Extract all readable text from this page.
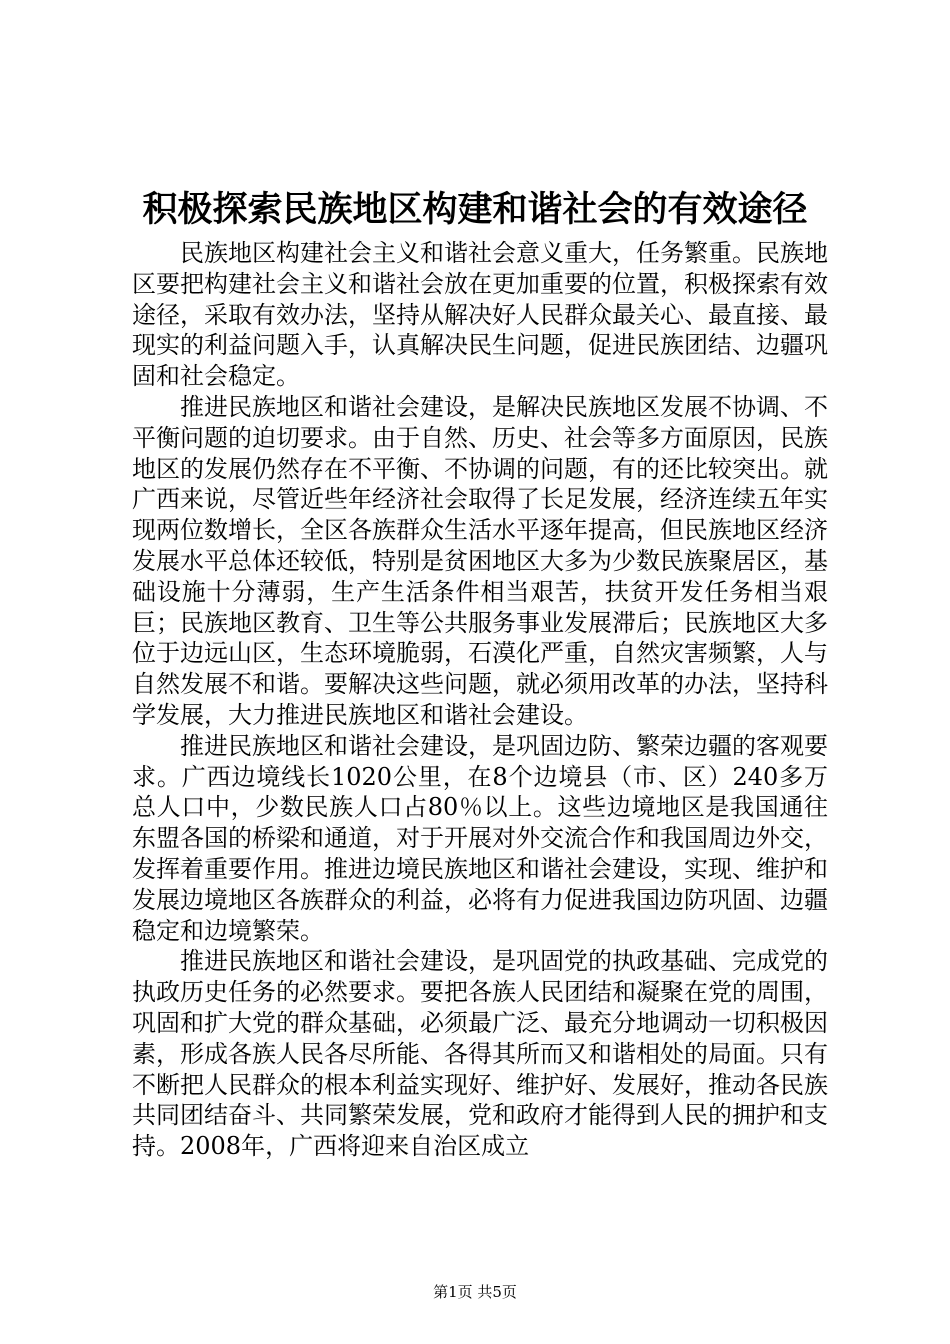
积极探索民族地区构建和谐社会的有效途径

民族地区构建社会主义和谐社会意义重大，任务繁重。民族地区要把构建社会主义和谐社会放在更加重要的位置，积极探索有效途径，采取有效办法，坚持从解决好人民群众最关心、最直接、最现实的利益问题入手，认真解决民生问题，促进民族团结、边疆巩固和社会稳定。

推进民族地区和谐社会建设，是解决民族地区发展不协调、不平衡问题的迫切要求。由于自然、历史、社会等多方面原因，民族地区的发展仍然存在不平衡、不协调的问题，有的还比较突出。就广西来说，尽管近些年经济社会取得了长足发展，经济连续五年实现两位数增长，全区各族群众生活水平逐年提高，但民族地区经济发展水平总体还较低，特别是贫困地区大多为少数民族聚居区，基础设施十分薄弱，生产生活条件相当艰苦，扶贫开发任务相当艰巨；民族地区教育、卫生等公共服务事业发展滞后；民族地区大多位于边远山区，生态环境脆弱，石漠化严重，自然灾害频繁，人与自然发展不和谐。要解决这些问题，就必须用改革的办法，坚持科学发展，大力推进民族地区和谐社会建设。

推进民族地区和谐社会建设，是巩固边防、繁荣边疆的客观要求。广西边境线长1020公里，在8个边境县（市、区）240多万总人口中，少数民族人口占80％以上。这些边境地区是我国通往东盟各国的桥梁和通道，对于开展对外交流合作和我国周边外交，发挥着重要作用。推进边境民族地区和谐社会建设，实现、维护和发展边境地区各族群众的利益，必将有力促进我国边防巩固、边疆稳定和边境繁荣。

推进民族地区和谐社会建设，是巩固党的执政基础、完成党的执政历史任务的必然要求。要把各族人民团结和凝聚在党的周围，巩固和扩大党的群众基础，必须最广泛、最充分地调动一切积极因素，形成各族人民各尽所能、各得其所而又和谐相处的局面。只有不断把人民群众的根本利益实现好、维护好、发展好，推动各民族共同团结奋斗、共同繁荣发展，党和政府才能得到人民的拥护和支持。2008年，广西将迎来自治区成立

第1页 共5页
